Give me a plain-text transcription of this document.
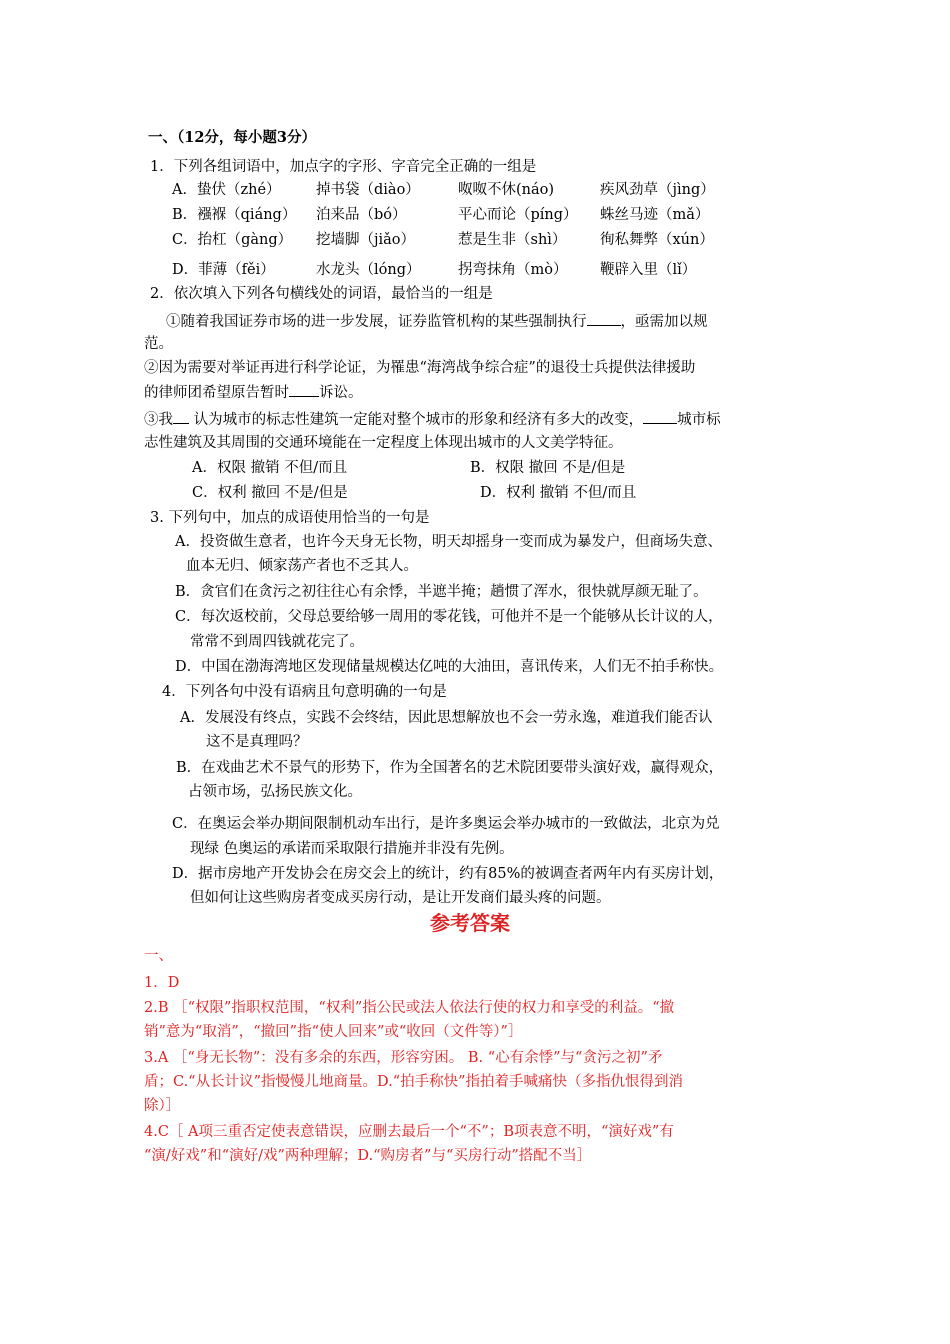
一、（12分，每小题3分）
1．下列各组词语中，加点字的字形、字音完全正确的一组是
A．蛰伏（zhé） 掉书袋（diào）	呶呶不休(náo)	疾风劲草（jìng）
B．襁褓（qiáng） 泊来品（bó）	平心而论（píng） 蛛丝马迹（mǎ）
C．抬杠（gàng） 挖墙脚（jiǎo）	惹是生非（shì） 徇私舞弊（xún）
D．菲薄（fěi）	水龙头（lóng）	拐弯抹角（mò） 鞭辟入里（lǐ）
2．依次填入下列各句横线处的词语，最恰当的一组是
①随着我国证券市场的进一步发展，证券监管机构的某些强制执行 ，亟需加以规
范。
②因为需要对举证再进行科学论证，为罹患“海湾战争综合症”的退役士兵提供法律援助
的律师团希望原告暂时 诉讼。
③我 认为城市的标志性建筑一定能对整个城市的形象和经济有多大的改变， 城市标
志性建筑及其周围的交通环境能在一定程度上体现出城市的人文美学特征。
A．权限 撤销 不但/而且	B．权限 撤回 不是/但是
C．权利 撤回 不是/但是	D．权利 撤销 不但/而且
3. 下列句中，加点的成语使用恰当的一句是
A．投资做生意者，也许今天身无长物，明天却摇身一变而成为暴发户，但商场失意、
血本无归、倾家荡产者也不乏其人。
B．贪官们在贪污之初往往心有余悸，半遮半掩；趟惯了浑水，很快就厚颜无耻了。
C．每次返校前，父母总要给够一周用的零花钱，可他并不是一个能够从长计议的人，
常常不到周四钱就花完了。
D．中国在渤海湾地区发现储量规模达亿吨的大油田，喜讯传来，人们无不拍手称快。
4．下列各句中没有语病且句意明确的一句是
A．发展没有终点，实践不会终结，因此思想解放也不会一劳永逸，难道我们能否认
这不是真理吗？
B．在戏曲艺术不景气的形势下，作为全国著名的艺术院团要带头演好戏，赢得观众，
占领市场，弘扬民族文化。
C．在奥运会举办期间限制机动车出行，是许多奥运会举办城市的一致做法，北京为兑
现绿 色奥运的承诺而采取限行措施并非没有先例。
D．据市房地产开发协会在房交会上的统计，约有85%的被调查者两年内有买房计划，
但如何让这些购房者变成买房行动，是让开发商们最头疼的问题。
参考答案
一、
1．D
2.B ［“权限”指职权范围，“权利”指公民或法人依法行使的权力和享受的利益。“撤
销”意为“取消”，“撤回”指“使人回来”或“收回（文件等）”］
3.A ［“身无长物”：没有多余的东西，形容穷困。 B. “心有余悸”与“贪污之初”矛
盾；C.“从长计议”指慢慢儿地商量。D.“拍手称快”指拍着手喊痛快（多指仇恨得到消
除）］
4.C［ A项三重否定使表意错误，应删去最后一个“不”；B项表意不明，“演好戏”有
“演/好戏”和“演好/戏”两种理解；D.“购房者”与“买房行动”搭配不当］
